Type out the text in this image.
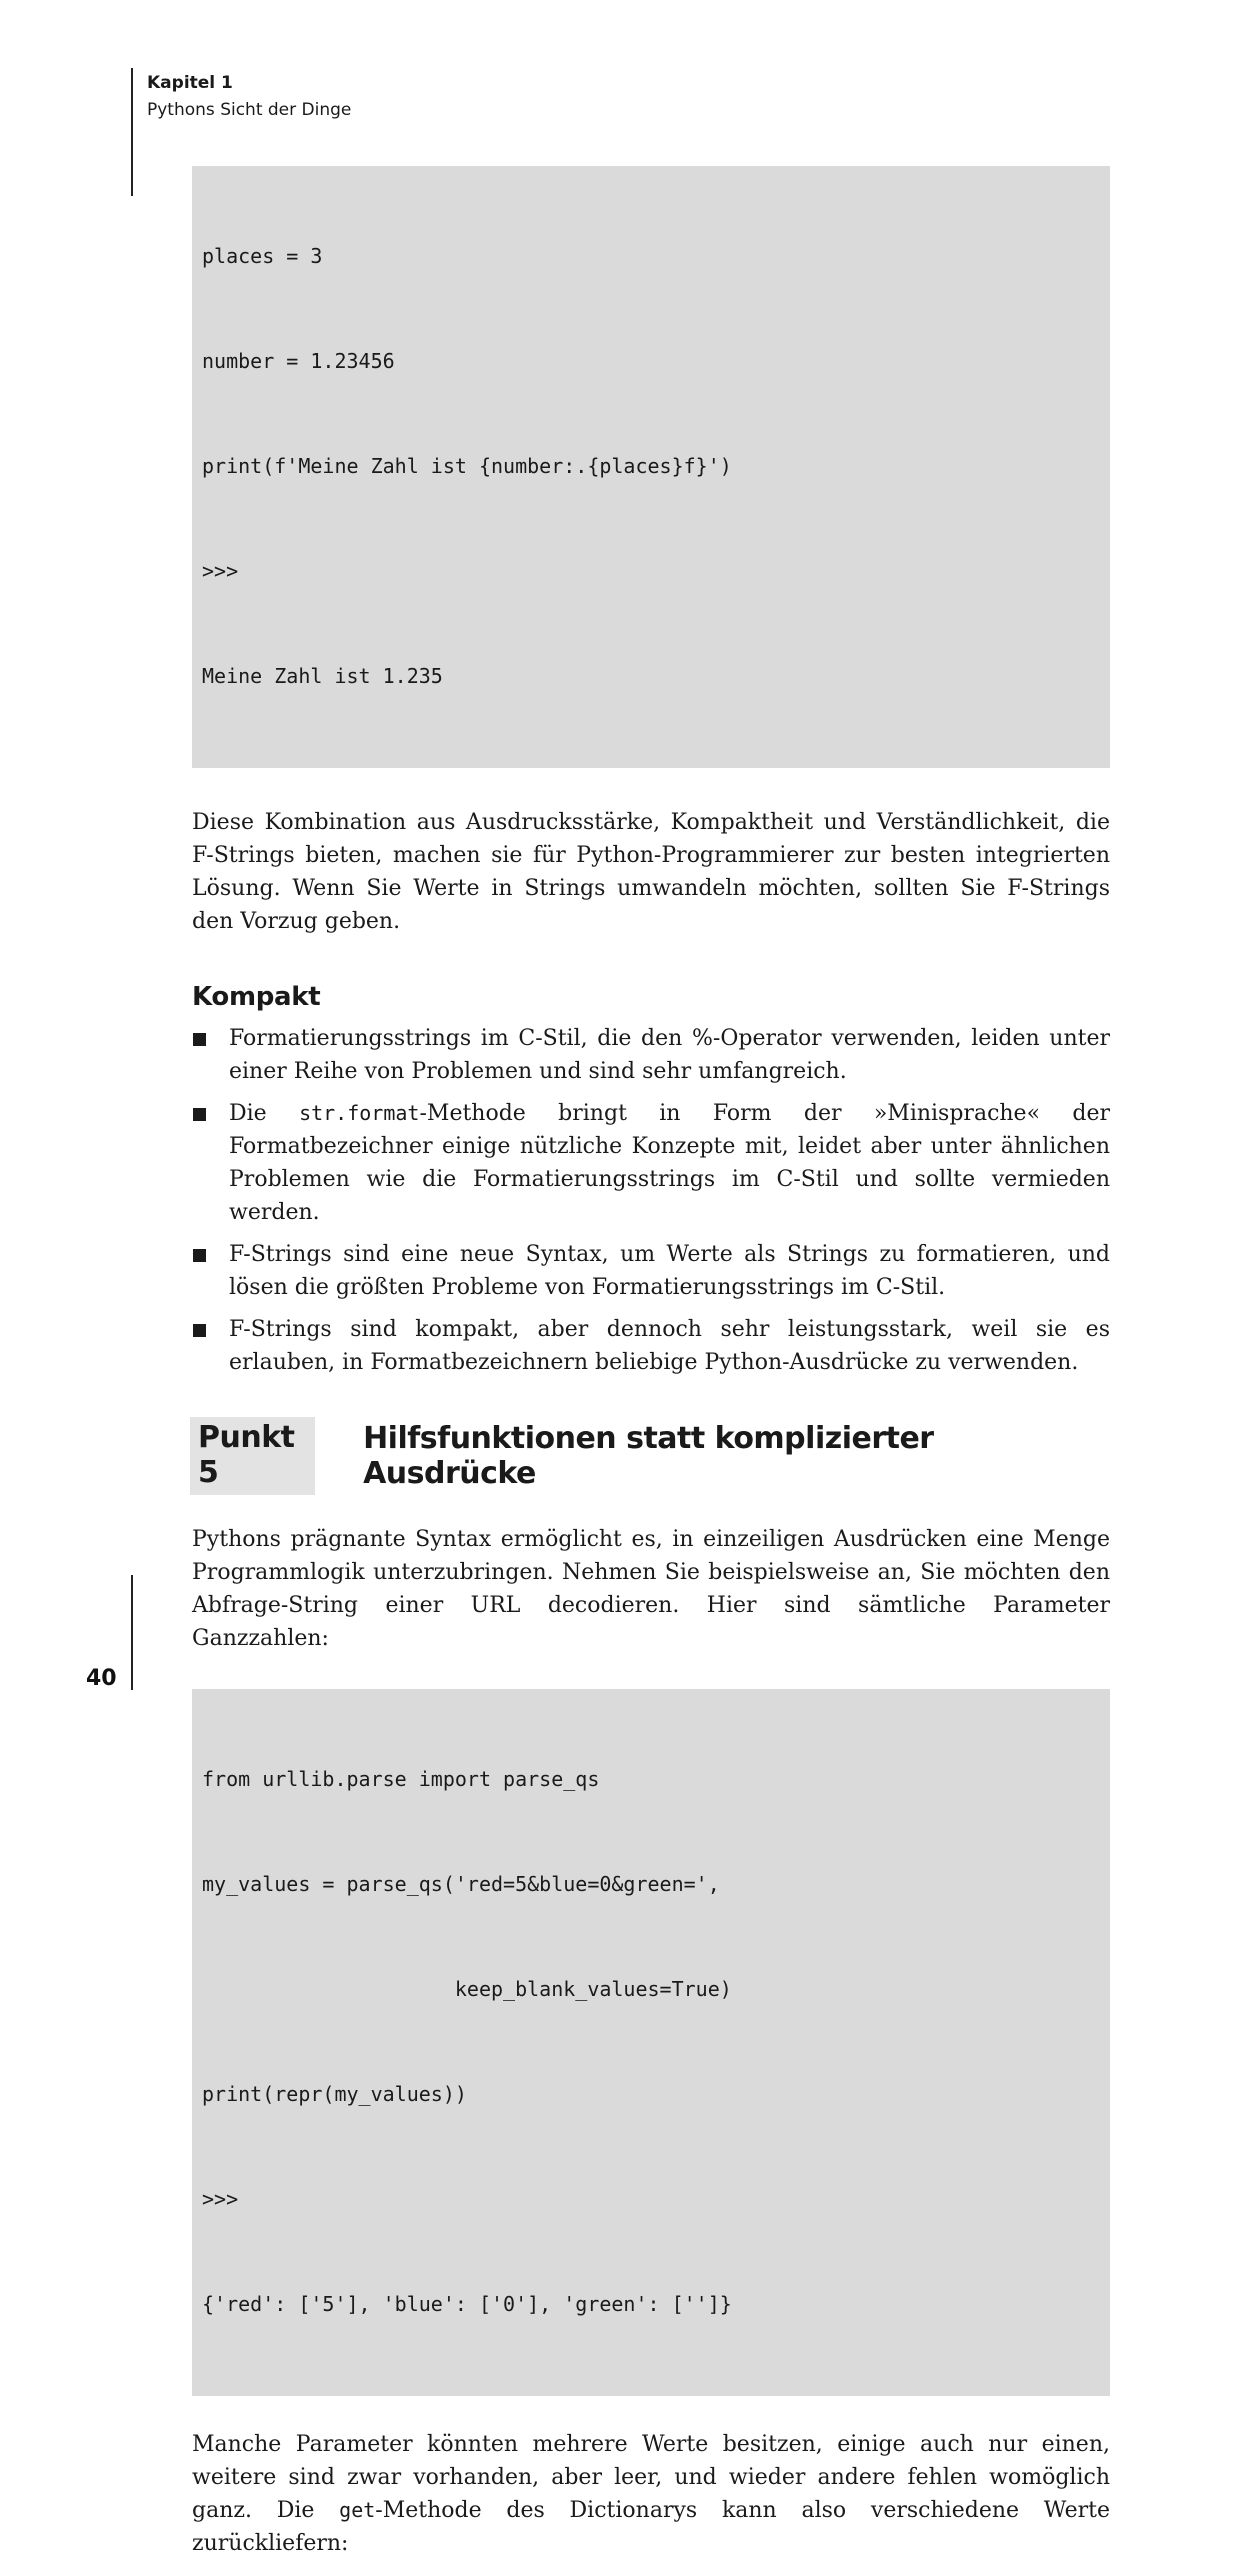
Kapitel 1
Pythons Sicht der Dinge

places = 3

number = 1.23456

print(f'Meine Zahl ist {number:.{places}f}')

>>>

Meine Zahl ist 1.235

Diese Kombination aus Ausdrucksstärke, Kompaktheit und Verständlichkeit, die F-Strings bieten, machen sie für Python-Programmierer zur besten integrierten Lösung. Wenn Sie Werte in Strings umwandeln möchten, sollten Sie F-Strings den Vorzug geben.

Kompakt
Formatierungsstrings im C-Stil, die den %-Operator verwenden, leiden unter einer Reihe von Problemen und sind sehr umfangreich.
Die str.format-Methode bringt in Form der »Minisprache« der Formatbezeichner einige nützliche Konzepte mit, leidet aber unter ähnlichen Problemen wie die Formatierungsstrings im C-Stil und sollte vermieden werden.
F-Strings sind eine neue Syntax, um Werte als Strings zu formatieren, und lösen die größten Probleme von Formatierungsstrings im C-Stil.
F-Strings sind kompakt, aber dennoch sehr leistungsstark, weil sie es erlauben, in Formatbezeichnern beliebige Python-Ausdrücke zu verwenden.
Punkt 5
Hilfsfunktionen statt komplizierter Ausdrücke

Pythons prägnante Syntax ermöglicht es, in einzeiligen Ausdrücken eine Menge Programmlogik unterzubringen. Nehmen Sie beispielsweise an, Sie möchten den Abfrage-String einer URL decodieren. Hier sind sämtliche Parameter Ganzzahlen:

from urllib.parse import parse_qs

my_values = parse_qs('red=5&blue=0&green=',

keep_blank_values=True)

print(repr(my_values))

>>>

{'red': ['5'], 'blue': ['0'], 'green': ['']}

Manche Parameter könnten mehrere Werte besitzen, einige auch nur einen, weitere sind zwar vorhanden, aber leer, und wieder andere fehlen womöglich ganz. Die get-Methode des Dictionarys kann also verschiedene Werte zurückliefern:

40
